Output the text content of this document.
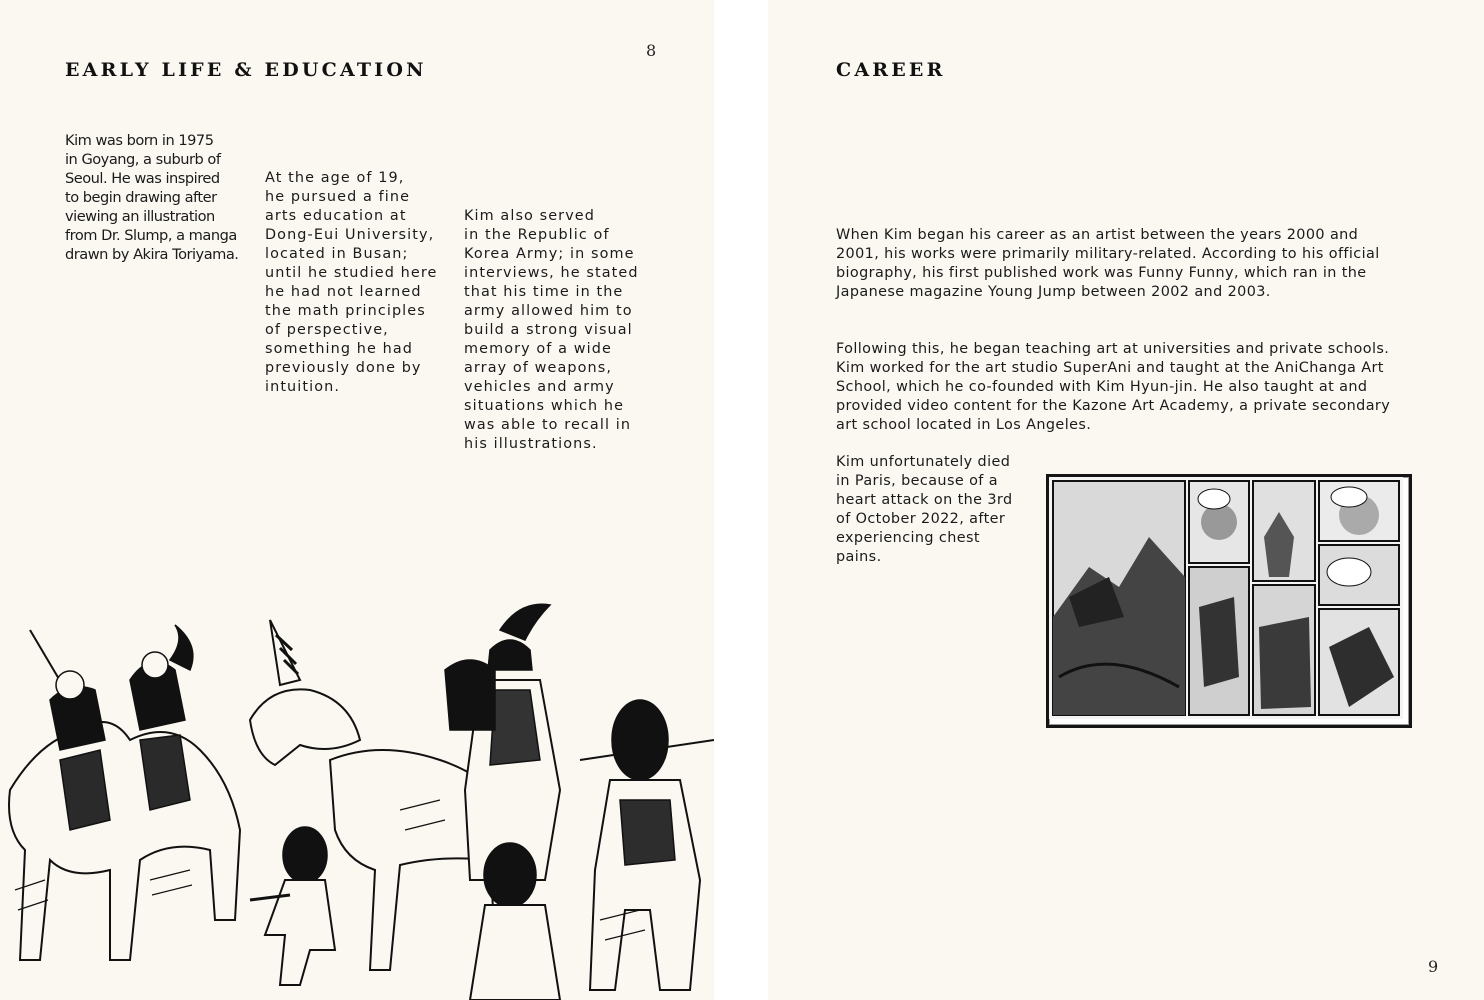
8
EARLY LIFE & EDUCATION
Kim was born in 1975
in Goyang, a suburb of
Seoul. He was inspired
to begin drawing after
viewing an illustration
from Dr. Slump, a manga
drawn by Akira Toriyama.
At the age of 19,
he pursued a fine
arts education at
Dong-Eui University,
located in Busan;
until he studied here
he had not learned
the math principles
of perspective,
something he had
previously done by
intuition.
Kim also served
in the Republic of
Korea Army; in some
interviews, he stated
that his time in the
army allowed him to
build a strong visual
memory of a wide
array of weapons,
vehicles and army
situations which he
was able to recall in
his illustrations.
CAREER
When Kim began his career as an artist between the years 2000 and
2001, his works were primarily military-related. According to his official
biography, his first published work was Funny Funny, which ran in the
Japanese magazine Young Jump between 2002 and 2003.
Following this, he began teaching art at universities and private schools.
Kim worked for the art studio SuperAni and taught at the AniChanga Art
School, which he co-founded with Kim Hyun-jin. He also taught at and
provided video content for the Kazone Art Academy, a private secondary
art school located in Los Angeles.
Kim unfortunately died
in Paris, because of a
heart attack on the 3rd
of October 2022, after
experiencing chest
pains.
9
